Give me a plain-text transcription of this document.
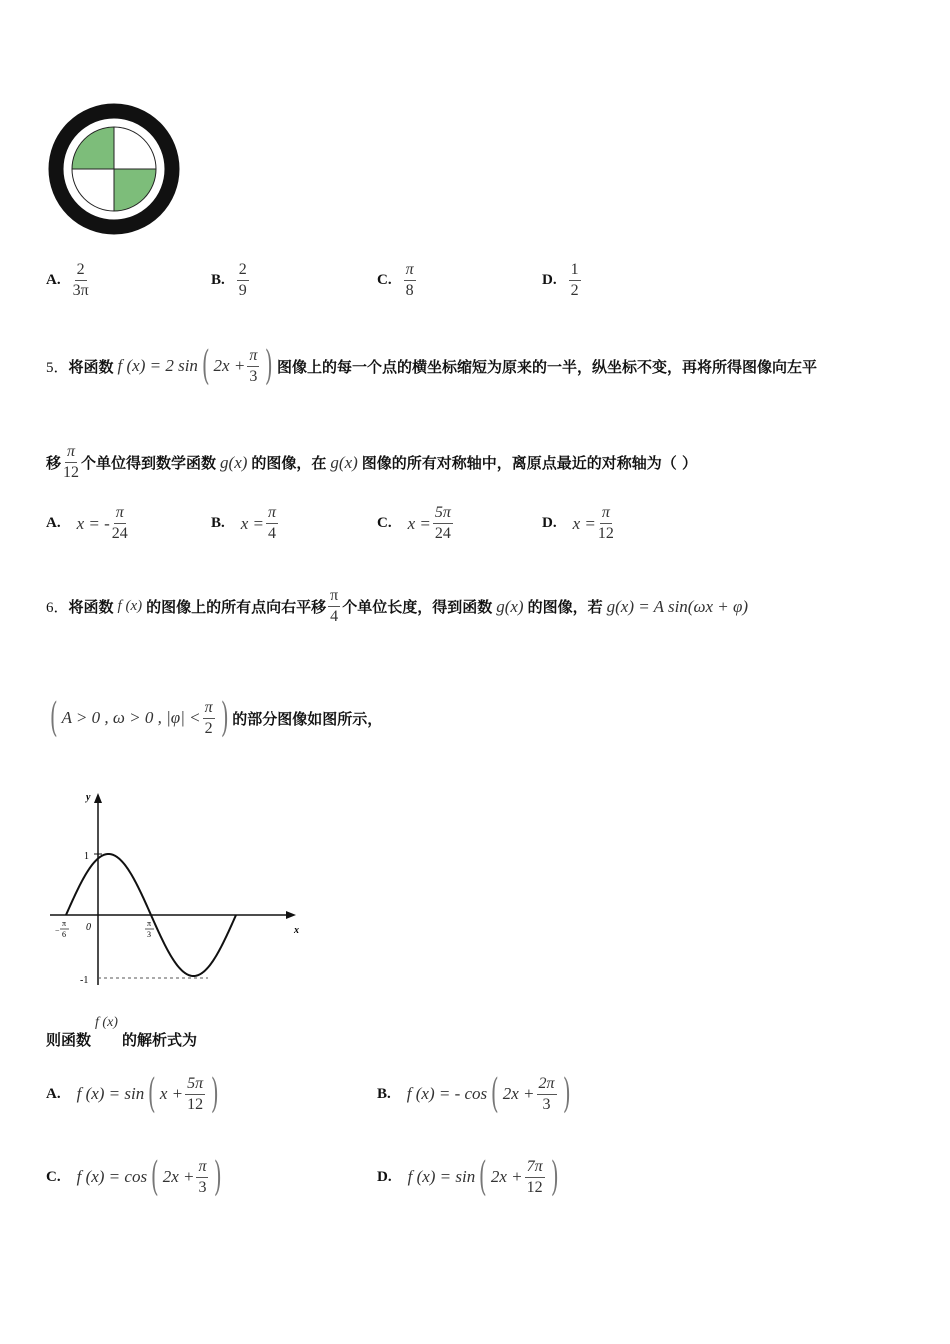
A. $\frac{2}{3\pi}$	B. $\frac{2}{9}$	C. $\frac{\pi}{8}$	D. $\frac{1}{2}$
5． 将函数 f (x) = 2 sin ( $2x + \frac{\pi}{3}$ ) 图像上的每一个点的横坐标缩短为原来的一半，纵坐标不变，再将所得图像向左平
移 $\frac{\pi}{12}$ 个单位得到数学函数 g(x) 的图像，在 g(x) 图像的所有对称轴中，离原点最近的对称轴为（ ）
A. x = - $\frac{\pi}{24}$	B. $x = \frac{\pi}{4}$	C. $x = \frac{5\pi}{24}$	D. $x = \frac{\pi}{12}$
6． 将函数 f (x) 的图像上的所有点向右平移 $\frac{\pi}{4}$ 个单位长度，得到函数 g(x) 的图像，若 g(x) = A sin(ωx + φ)
( A > 0 , ω > 0 , $|\varphi| < \frac{\pi}{2}$ ) 的部分图像如图所示，
y
x
0
1
-1
−
π
6
π
3
则函数
f (x)
的解析式为
A. f (x) = sin ( $x + \frac{5\pi}{12}$ )	B. f (x) = - cos ( $2x + \frac{2\pi}{3}$ )
C. f (x) = cos ( $2x + \frac{\pi}{3}$ )	D. f (x) = sin ( $2x + \frac{7\pi}{12}$ )
